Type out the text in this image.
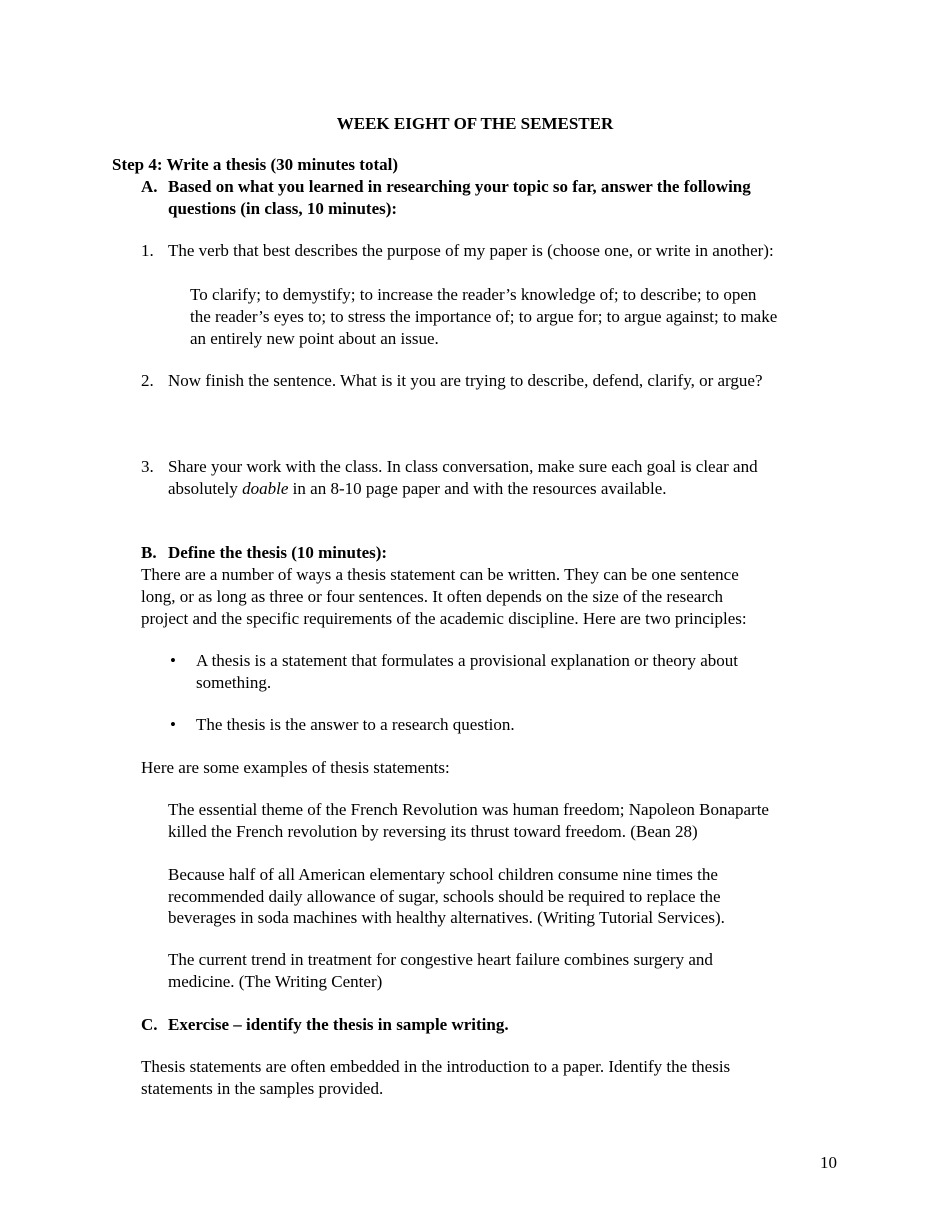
WEEK EIGHT OF THE SEMESTER

Step 4: Write a thesis (30 minutes total)

A. Based on what you learned in researching your topic so far, answer the following

questions (in class, 10 minutes):

1. The verb that best describes the purpose of my paper is (choose one, or write in another):

To clarify; to demystify; to increase the reader’s knowledge of; to describe; to open

the reader’s eyes to; to stress the importance of; to argue for; to argue against; to make

an entirely new point about an issue.

2. Now finish the sentence. What is it you are trying to describe, defend, clarify, or argue?

3. Share your work with the class. In class conversation, make sure each goal is clear and

absolutely doable in an 8-10 page paper and with the resources available.

B. Define the thesis (10 minutes):

There are a number of ways a thesis statement can be written. They can be one sentence

long, or as long as three or four sentences. It often depends on the size of the research

project and the specific requirements of the academic discipline. Here are two principles:

• A thesis is a statement that formulates a provisional explanation or theory about

something.

• The thesis is the answer to a research question.

Here are some examples of thesis statements:

The essential theme of the French Revolution was human freedom; Napoleon Bonaparte

killed the French revolution by reversing its thrust toward freedom. (Bean 28)

Because half of all American elementary school children consume nine times the

recommended daily allowance of sugar, schools should be required to replace the

beverages in soda machines with healthy alternatives. (Writing Tutorial Services).

The current trend in treatment for congestive heart failure combines surgery and

medicine. (The Writing Center)

C. Exercise – identify the thesis in sample writing.

Thesis statements are often embedded in the introduction to a paper. Identify the thesis

statements in the samples provided.

10
